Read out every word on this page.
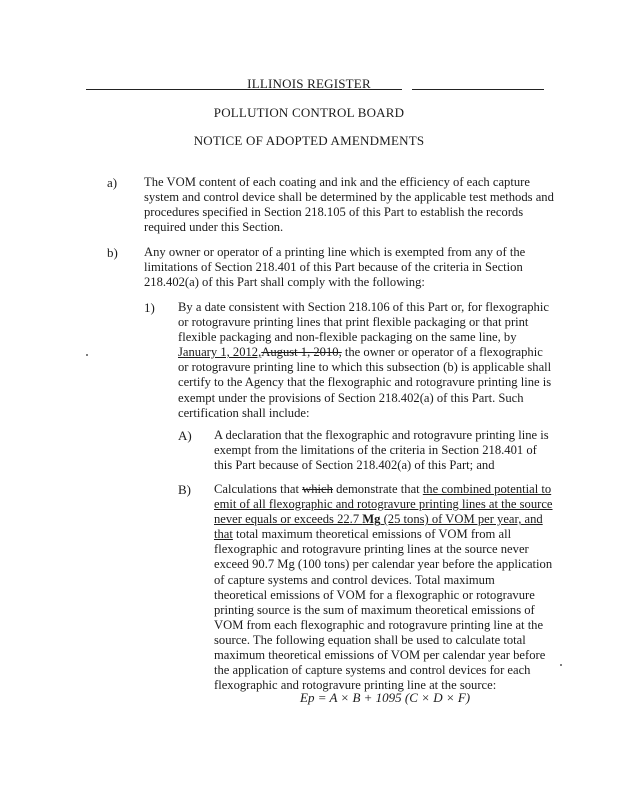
ILLINOIS REGISTER
POLLUTION CONTROL BOARD
NOTICE OF ADOPTED AMENDMENTS
a) The VOM content of each coating and ink and the efficiency of each capture
system and control device shall be determined by the applicable test methods and
procedures specified in Section 218.105 of this Part to establish the records
required under this Section.
b) Any owner or operator of a printing line which is exempted from any of the
limitations of Section 218.401 of this Part because of the criteria in Section
218.402(a) of this Part shall comply with the following:
1) By a date consistent with Section 218.106 of this Part or, for flexographic
or rotogravure printing lines that print flexible packaging or that print
flexible packaging and non-flexible packaging on the same line, by
January 1, 2012,August 1, 2010, the owner or operator of a flexographic
or rotogravure printing line to which this subsection (b) is applicable shall
certify to the Agency that the flexographic and rotogravure printing line is
exempt under the provisions of Section 218.402(a) of this Part. Such
certification shall include:
A) A declaration that the flexographic and rotogravure printing line is
exempt from the limitations of the criteria in Section 218.401 of
this Part because of Section 218.402(a) of this Part; and
B) Calculations that which demonstrate that the combined potential to
emit of all flexographic and rotogravure printing lines at the source
never equals or exceeds 22.7 Mg (25 tons) of VOM per year, and
that total maximum theoretical emissions of VOM from all
flexographic and rotogravure printing lines at the source never
exceed 90.7 Mg (100 tons) per calendar year before the application
of capture systems and control devices. Total maximum
theoretical emissions of VOM for a flexographic or rotogravure
printing source is the sum of maximum theoretical emissions of
VOM from each flexographic and rotogravure printing line at the
source. The following equation shall be used to calculate total
maximum theoretical emissions of VOM per calendar year before
the application of capture systems and control devices for each
flexographic and rotogravure printing line at the source:
Ep = A × B + 1095 (C × D × F)
